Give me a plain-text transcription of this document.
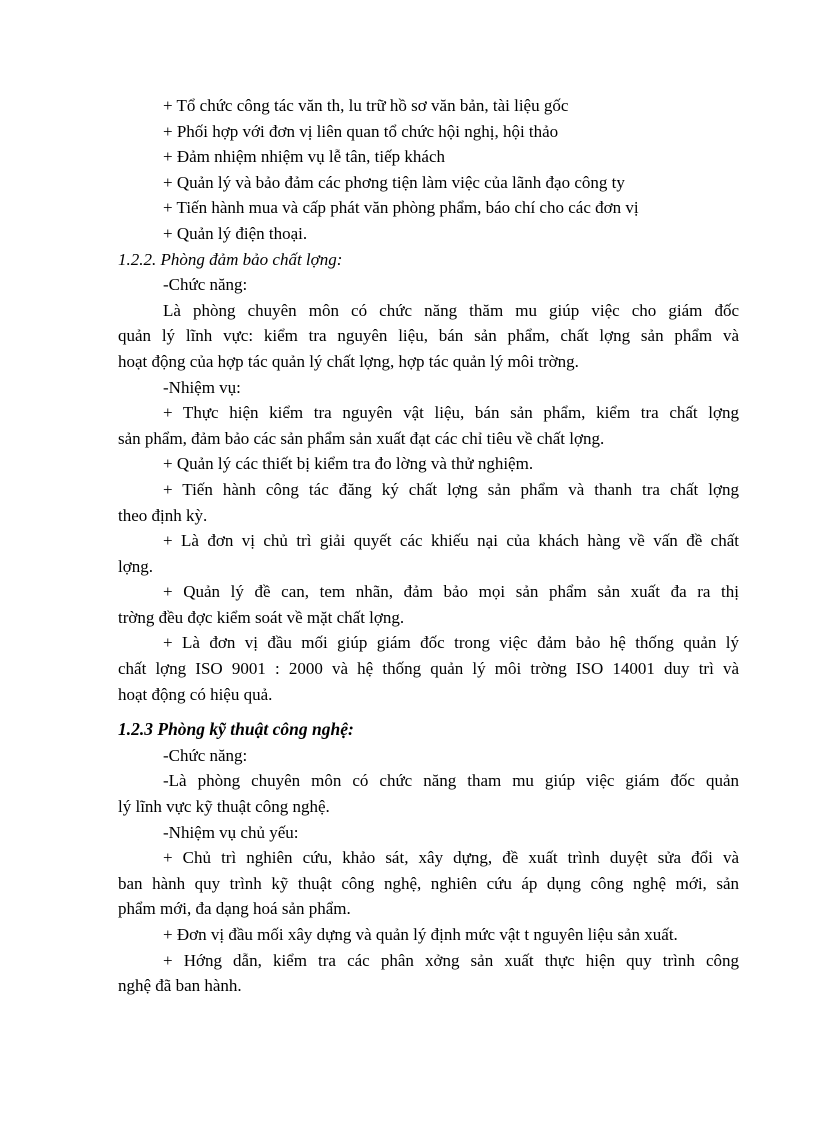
+ Tổ chức công tác văn th, lu trữ hồ sơ văn bản, tài liệu gốc
+ Phối hợp với đơn vị liên quan tổ chức hội nghị, hội thảo
+ Đảm nhiệm nhiệm vụ lễ tân, tiếp khách
+ Quản lý và bảo đảm các phơng tiện làm việc của lãnh đạo công ty
+ Tiến hành mua và cấp phát văn phòng phẩm, báo chí cho các đơn vị
+ Quản lý điện thoại.
1.2.2. Phòng đảm bảo chất lợng:
-Chức năng:
Là phòng chuyên môn có chức năng thăm mu giúp việc cho giám đốc
quản lý lĩnh vực: kiểm tra nguyên liệu, bán sản phẩm, chất lợng sản phẩm và
hoạt động của hợp tác quản lý chất lợng, hợp tác quản lý môi trờng.
-Nhiệm vụ:
+ Thực hiện kiểm tra nguyên vật liệu, bán sản phẩm, kiểm tra chất lợng
sản phẩm, đảm bảo các sản phẩm sản xuất đạt các chỉ tiêu về chất lợng.
+ Quản lý các thiết bị kiểm tra đo lờng và thử nghiệm.
+ Tiến hành công tác đăng ký chất lợng sản phẩm và thanh tra chất lợng
theo định kỳ.
+ Là đơn vị chủ trì giải quyết các khiếu nại của khách hàng về vấn đề chất
lợng.
+ Quản lý đề can, tem nhãn, đảm bảo mọi sản phẩm sản xuất đa ra thị
trờng đều đợc kiểm soát về mặt chất lợng.
+ Là đơn vị đầu mối giúp giám đốc trong việc đảm bảo hệ thống quản lý
chất lợng ISO 9001 : 2000 và hệ thống quản lý môi trờng ISO 14001 duy trì và
hoạt động có hiệu quả.
1.2.3 Phòng kỹ thuật công nghệ:
-Chức năng:
-Là phòng chuyên môn có chức năng tham mu giúp việc giám đốc quản
lý lĩnh vực kỹ thuật công nghệ.
-Nhiệm vụ chủ yếu:
+ Chủ trì nghiên cứu, khảo sát, xây dựng, đề xuất trình duyệt sửa đổi và
ban hành quy trình kỹ thuật công nghệ, nghiên cứu áp dụng công nghệ mới, sản
phẩm mới, đa dạng hoá sản phẩm.
+ Đơn vị đầu mối xây dựng và quản lý định mức vật t nguyên liệu sản xuất.
+ Hớng dẫn, kiểm tra các phân xởng sản xuất thực hiện quy trình công
nghệ đã ban hành.
